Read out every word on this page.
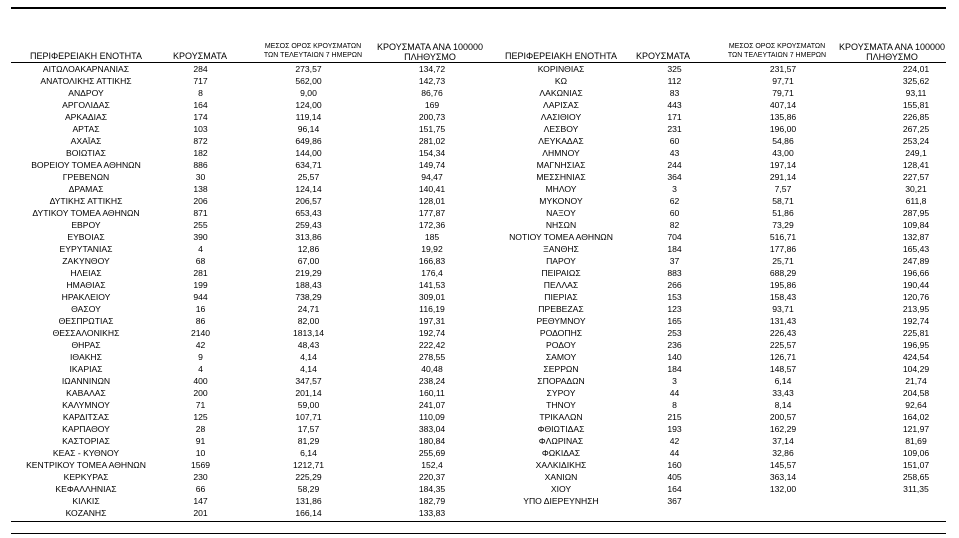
ΠΕΡΙΦΕΡΕΙΑΚΗ ΕΝΟΤΗΤΑ	ΚΡΟΥΣΜΑΤΑ
ΜΕΣΟΣ ΟΡΟΣ ΚΡΟΥΣΜΑΤΩΝ
ΤΩΝ ΤΕΛΕΥΤΑΙΩΝ 7 ΗΜΕΡΩΝ
ΚΡΟΥΣΜΑΤΑ ΑΝΑ 100000
ΠΛΗΘΥΣΜΟ	ΠΕΡΙΦΕΡΕΙΑΚΗ ΕΝΟΤΗΤΑ	ΚΡΟΥΣΜΑΤΑ
ΜΕΣΟΣ ΟΡΟΣ ΚΡΟΥΣΜΑΤΩΝ
ΤΩΝ ΤΕΛΕΥΤΑΙΩΝ 7 ΗΜΕΡΩΝ
ΚΡΟΥΣΜΑΤΑ ΑΝΑ 100000
ΠΛΗΘΥΣΜΟ
ΑΙΤΩΛΟΑΚΑΡΝΑΝΙΑΣ	284	273,57	134,72
ΑΝΑΤΟΛΙΚΗΣ ΑΤΤΙΚΗΣ	717	562,00	142,73
ΑΝΔΡΟΥ	8	9,00	86,76
ΑΡΓΟΛΙΔΑΣ	164	124,00	169
ΑΡΚΑΔΙΑΣ	174	119,14	200,73
ΑΡΤΑΣ	103	96,14	151,75
ΑΧΑΪΑΣ	872	649,86	281,02
ΒΟΙΩΤΙΑΣ	182	144,00	154,34
ΒΟΡΕΙΟΥ ΤΟΜΕΑ ΑΘΗΝΩΝ	886	634,71	149,74
ΓΡΕΒΕΝΩΝ	30	25,57	94,47
ΔΡΑΜΑΣ	138	124,14	140,41
ΔΥΤΙΚΗΣ ΑΤΤΙΚΗΣ	206	206,57	128,01
ΔΥΤΙΚΟΥ ΤΟΜΕΑ ΑΘΗΝΩΝ	871	653,43	177,87
ΕΒΡΟΥ	255	259,43	172,36
ΕΥΒΟΙΑΣ	390	313,86	185
ΕΥΡΥΤΑΝΙΑΣ	4	12,86	19,92
ΖΑΚΥΝΘΟΥ	68	67,00	166,83
ΗΛΕΙΑΣ	281	219,29	176,4
ΗΜΑΘΙΑΣ	199	188,43	141,53
ΗΡΑΚΛΕΙΟΥ	944	738,29	309,01
ΘΑΣΟΥ	16	24,71	116,19
ΘΕΣΠΡΩΤΙΑΣ	86	82,00	197,31
ΘΕΣΣΑΛΟΝΙΚΗΣ	2140	1813,14	192,74
ΘΗΡΑΣ	42	48,43	222,42
ΙΘΑΚΗΣ	9	4,14	278,55
ΙΚΑΡΙΑΣ	4	4,14	40,48
ΙΩΑΝΝΙΝΩΝ	400	347,57	238,24
ΚΑΒΑΛΑΣ	200	201,14	160,11
ΚΑΛΥΜΝΟΥ	71	59,00	241,07
ΚΑΡΔΙΤΣΑΣ	125	107,71	110,09
ΚΑΡΠΑΘΟΥ	28	17,57	383,04
ΚΑΣΤΟΡΙΑΣ	91	81,29	180,84
ΚΕΑΣ - ΚΥΘΝΟΥ	10	6,14	255,69
ΚΕΝΤΡΙΚΟΥ ΤΟΜΕΑ ΑΘΗΝΩΝ	1569	1212,71	152,4
ΚΕΡΚΥΡΑΣ	230	225,29	220,37
ΚΕΦΑΛΛΗΝΙΑΣ	66	58,29	184,35
ΚΙΛΚΙΣ	147	131,86	182,79
ΚΟΖΑΝΗΣ	201	166,14	133,83
ΚΟΡΙΝΘΙΑΣ	325	231,57	224,01
ΚΩ	112	97,71	325,62
ΛΑΚΩΝΙΑΣ	83	79,71	93,11
ΛΑΡΙΣΑΣ	443	407,14	155,81
ΛΑΣΙΘΙΟΥ	171	135,86	226,85
ΛΕΣΒΟΥ	231	196,00	267,25
ΛΕΥΚΑΔΑΣ	60	54,86	253,24
ΛΗΜΝΟΥ	43	43,00	249,1
ΜΑΓΝΗΣΙΑΣ	244	197,14	128,41
ΜΕΣΣΗΝΙΑΣ	364	291,14	227,57
ΜΗΛΟΥ	3	7,57	30,21
ΜΥΚΟΝΟΥ	62	58,71	611,8
ΝΑΞΟΥ	60	51,86	287,95
ΝΗΣΩΝ	82	73,29	109,84
ΝΟΤΙΟΥ ΤΟΜΕΑ ΑΘΗΝΩΝ	704	516,71	132,87
ΞΑΝΘΗΣ	184	177,86	165,43
ΠΑΡΟΥ	37	25,71	247,89
ΠΕΙΡΑΙΩΣ	883	688,29	196,66
ΠΕΛΛΑΣ	266	195,86	190,44
ΠΙΕΡΙΑΣ	153	158,43	120,76
ΠΡΕΒΕΖΑΣ	123	93,71	213,95
ΡΕΘΥΜΝΟΥ	165	131,43	192,74
ΡΟΔΟΠΗΣ	253	226,43	225,81
ΡΟΔΟΥ	236	225,57	196,95
ΣΑΜΟΥ	140	126,71	424,54
ΣΕΡΡΩΝ	184	148,57	104,29
ΣΠΟΡΑΔΩΝ	3	6,14	21,74
ΣΥΡΟΥ	44	33,43	204,58
ΤΗΝΟΥ	8	8,14	92,64
ΤΡΙΚΑΛΩΝ	215	200,57	164,02
ΦΘΙΩΤΙΔΑΣ	193	162,29	121,97
ΦΛΩΡΙΝΑΣ	42	37,14	81,69
ΦΩΚΙΔΑΣ	44	32,86	109,06
ΧΑΛΚΙΔΙΚΗΣ	160	145,57	151,07
ΧΑΝΙΩΝ	405	363,14	258,65
ΧΙΟΥ	164	132,00	311,35
ΥΠΟ ΔΙΕΡΕΥΝΗΣΗ	367
